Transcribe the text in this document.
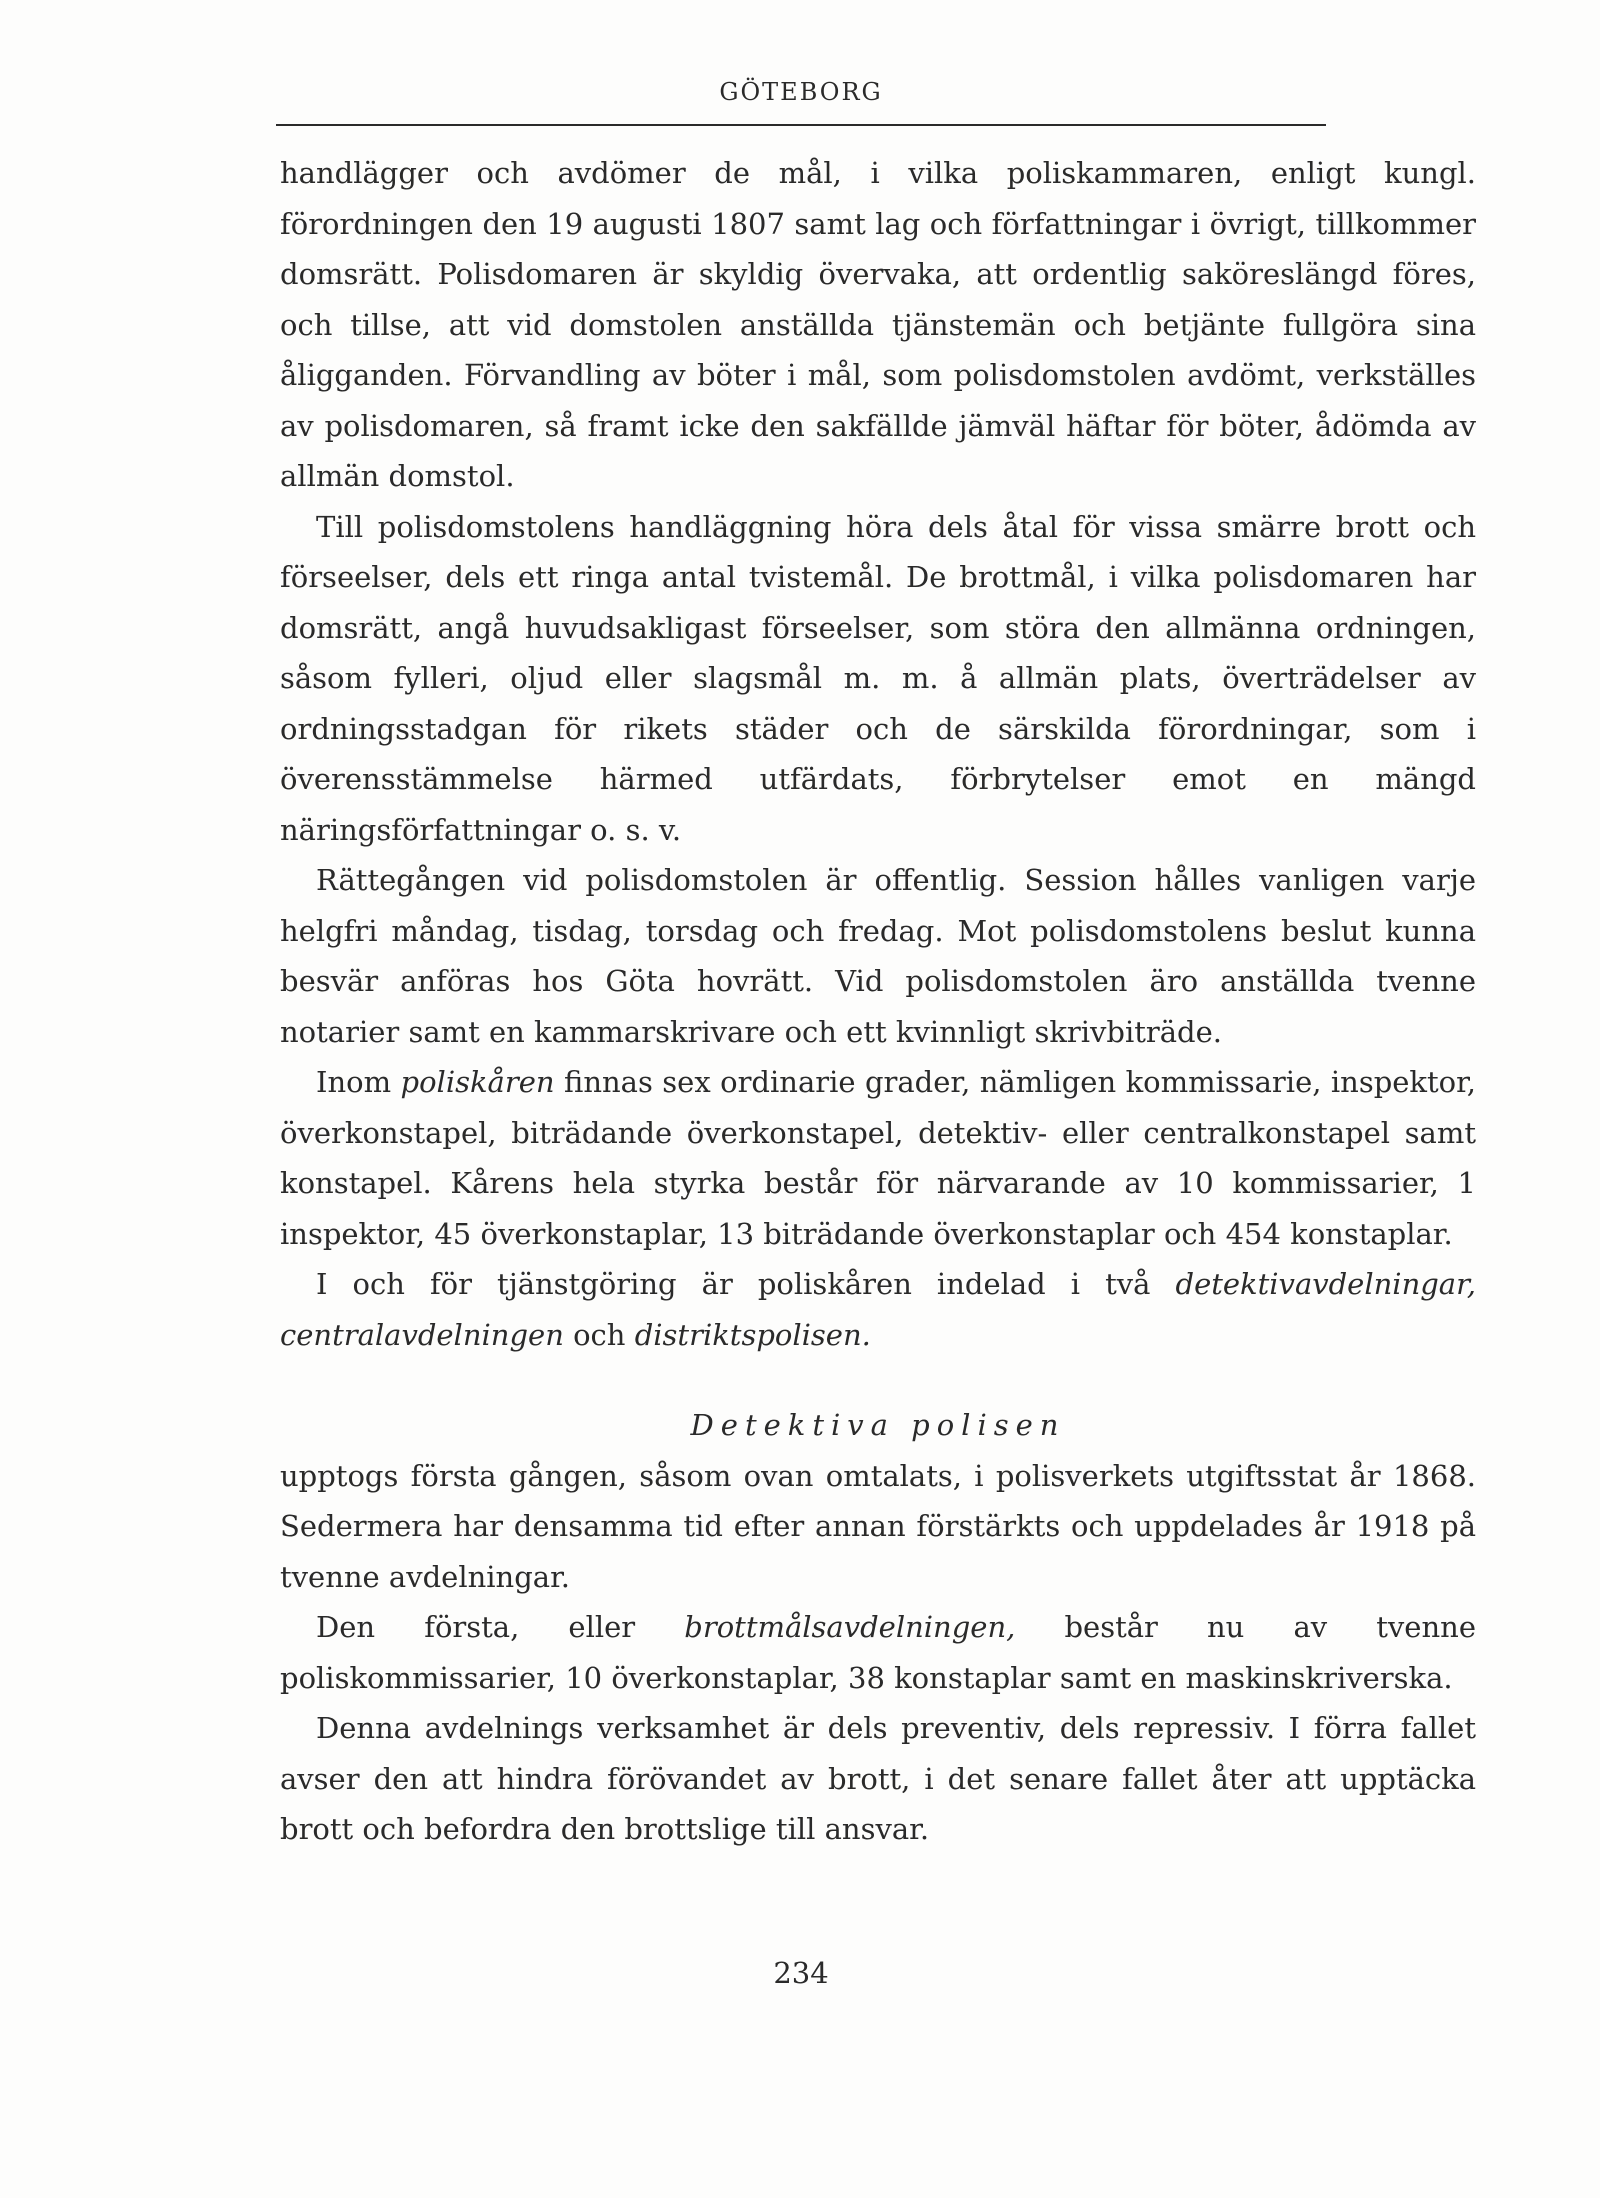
GÖTEBORG

handlägger och avdömer de mål, i vilka poliskammaren, enligt kungl. förordningen den 19 augusti 1807 samt lag och författningar i övrigt, tillkommer domsrätt. Polisdomaren är skyldig övervaka, att ordentlig saköreslängd föres, och tillse, att vid domstolen anställda tjänstemän och betjänte fullgöra sina åligganden. Förvandling av böter i mål, som polisdomstolen avdömt, verkställes av polisdomaren, så framt icke den sakfällde jämväl häftar för böter, ådömda av allmän domstol.

Till polisdomstolens handläggning höra dels åtal för vissa smärre brott och förseelser, dels ett ringa antal tvistemål. De brottmål, i vilka polisdomaren har domsrätt, angå huvudsakligast förseelser, som störa den allmänna ordningen, såsom fylleri, oljud eller slagsmål m. m. å allmän plats, överträdelser av ordningsstadgan för rikets städer och de särskilda förordningar, som i överensstämmelse härmed utfärdats, förbrytelser emot en mängd näringsförfattningar o. s. v.

Rättegången vid polisdomstolen är offentlig. Session hålles vanligen varje helgfri måndag, tisdag, torsdag och fredag. Mot polisdomstolens beslut kunna besvär anföras hos Göta hovrätt. Vid polisdomstolen äro anställda tvenne notarier samt en kammarskrivare och ett kvinnligt skrivbiträde.

Inom poliskåren finnas sex ordinarie grader, nämligen kommissarie, inspektor, överkonstapel, biträdande överkonstapel, detektiv- eller centralkonstapel samt konstapel. Kårens hela styrka består för närvarande av 10 kommissarier, 1 inspektor, 45 överkonstaplar, 13 biträdande överkonstaplar och 454 konstaplar.

I och för tjänstgöring är poliskåren indelad i två detektivavdelningar, centralavdelningen och distriktspolisen.

Detektiva polisen

upptogs första gången, såsom ovan omtalats, i polisverkets utgiftsstat år 1868. Sedermera har densamma tid efter annan förstärkts och uppdelades år 1918 på tvenne avdelningar.

Den första, eller brottmålsavdelningen, består nu av tvenne poliskommissarier, 10 överkonstaplar, 38 konstaplar samt en maskinskriverska.

Denna avdelnings verksamhet är dels preventiv, dels repressiv. I förra fallet avser den att hindra förövandet av brott, i det senare fallet åter att upptäcka brott och befordra den brottslige till ansvar.

234
